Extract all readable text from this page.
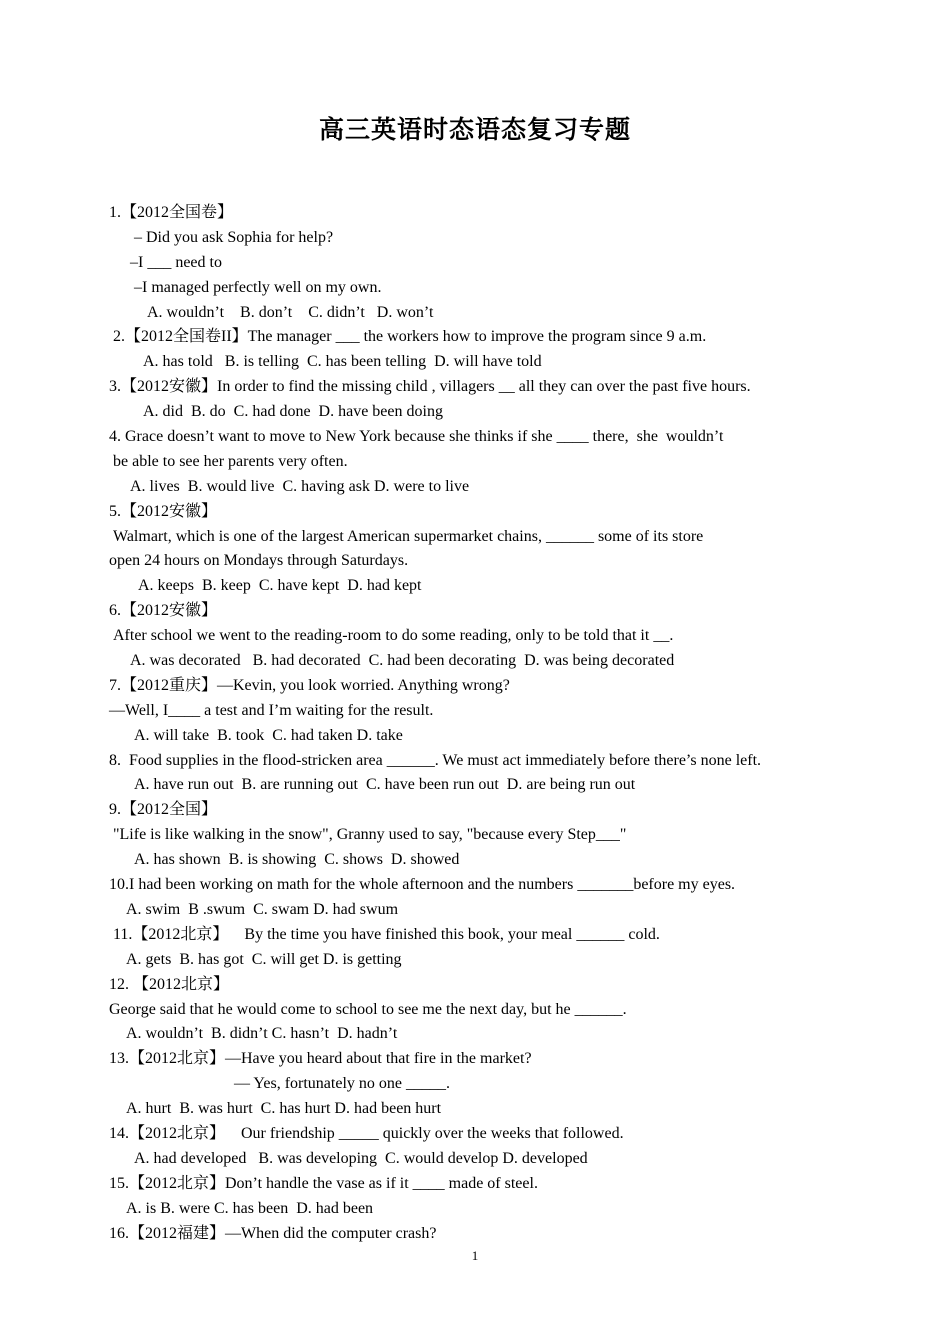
高三英语时态语态复习专题
1.【2012全国卷】
– Did you ask Sophia for help?
–I ___ need to
–I managed perfectly well on my own.
A. wouldn’t    B. don’t    C. didn’t   D. won’t
2.【2012全国卷II】The manager ___ the workers how to improve the program since 9 a.m.
A. has told   B. is telling  C. has been telling  D. will have told
3.【2012安徽】In order to find the missing child , villagers __ all they can over the past five hours.
A. did  B. do  C. had done  D. have been doing
4. Grace doesn’t want to move to New York because she thinks if she ____ there,  she  wouldn’t
be able to see her parents very often.
A. lives  B. would live  C. having ask D. were to live
5.【2012安徽】
Walmart, which is one of the largest American supermarket chains, ______ some of its store
open 24 hours on Mondays through Saturdays.
A. keeps  B. keep  C. have kept  D. had kept
6.【2012安徽】
After school we went to the reading-room to do some reading, only to be told that it __.
A. was decorated   B. had decorated  C. had been decorating  D. was being decorated
7.【2012重庆】—Kevin, you look worried. Anything wrong?
—Well, I____ a test and I’m waiting for the result.
A. will take  B. took  C. had taken D. take
8.  Food supplies in the flood-stricken area ______. We must act immediately before there’s none left.
A. have run out  B. are running out  C. have been run out  D. are being run out
9.【2012全国】
"Life is like walking in the snow", Granny used to say, "because every Step___"
A. has shown  B. is showing  C. shows  D. showed
10.I had been working on math for the whole afternoon and the numbers _______before my eyes.
A. swim  B .swum  C. swam D. had swum
11.【2012北京】    By the time you have finished this book, your meal ______ cold.
A. gets  B. has got  C. will get D. is getting
12. 【2012北京】
George said that he would come to school to see me the next day, but he ______.
A. wouldn’t  B. didn’t C. hasn’t  D. hadn’t
13.【2012北京】—Have you heard about that fire in the market?
— Yes, fortunately no one _____.
A. hurt  B. was hurt  C. has hurt D. had been hurt
14.【2012北京】    Our friendship _____ quickly over the weeks that followed.
A. had developed   B. was developing  C. would develop D. developed
15.【2012北京】Don’t handle the vase as if it ____ made of steel.
A. is B. were C. has been  D. had been
16.【2012福建】—When did the computer crash?
1
